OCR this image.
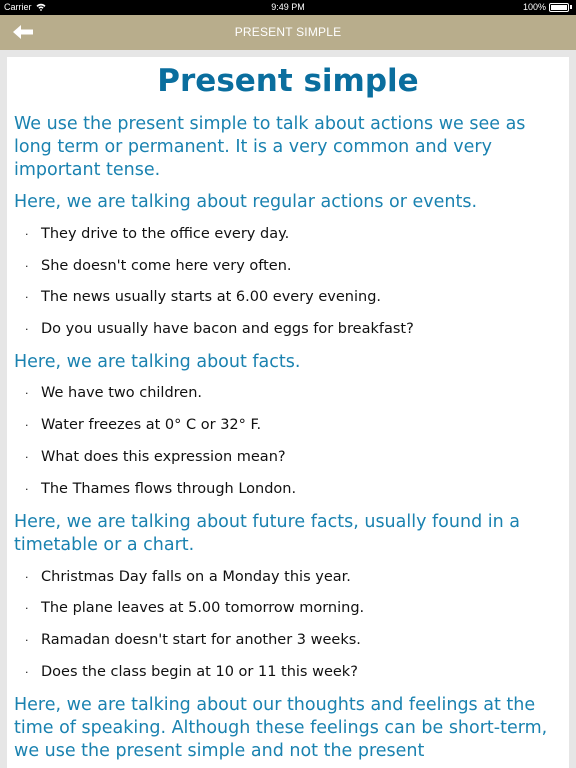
Carrier	9:49 PM	100%
PRESENT SIMPLE
Present simple

We use the present simple to talk about actions we see as long term or permanent. It is a very common and very important tense.

Here, we are talking about regular actions or events.

· They drive to the office every day.
· She doesn't come here very often.
· The news usually starts at 6.00 every evening.
· Do you usually have bacon and eggs for breakfast?

Here, we are talking about facts.

· We have two children.
· Water freezes at 0° C or 32° F.
· What does this expression mean?
· The Thames flows through London.

Here, we are talking about future facts, usually found in a timetable or a chart.

· Christmas Day falls on a Monday this year.
· The plane leaves at 5.00 tomorrow morning.
· Ramadan doesn't start for another 3 weeks.
· Does the class begin at 10 or 11 this week?

Here, we are talking about our thoughts and feelings at the time of speaking. Although these feelings can be short-term, we use the present simple and not the present
